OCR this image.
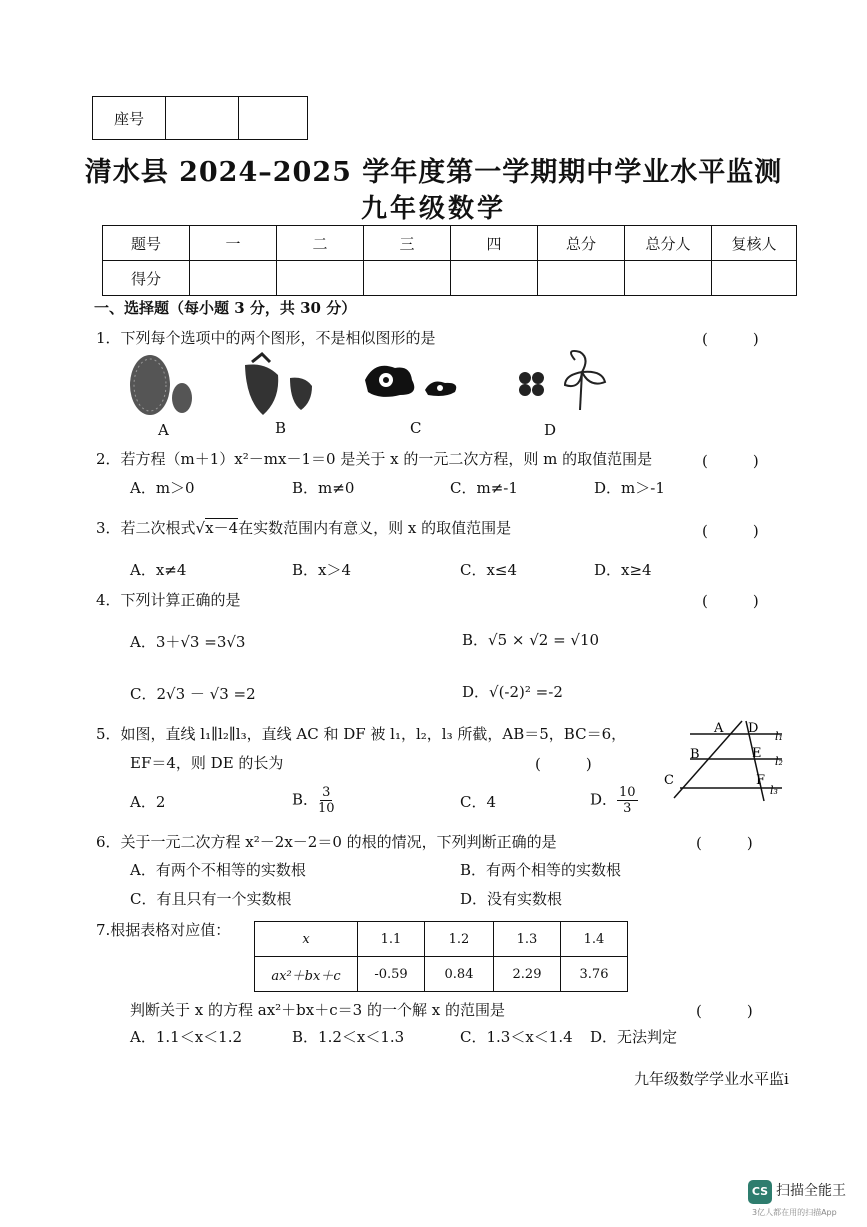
座号		
清水县 2024–2025 学年度第一学期期中学业水平监测
九年级数学
题号	一	二	三	四	总分	总分人	复核人
得分							
一、选择题（每小题 3 分，共 30 分）
1．下列每个选项中的两个图形，不是相似图形的是	(　　　)
A	B	C	D
2．若方程（m＋1）x²－mx－1＝0 是关于 x 的一元二次方程，则 m 的取值范围是	(　　　)
A．m＞0	B．m≠0	C．m≠-1	D．m＞-1
3．若二次根式√x－4在实数范围内有意义，则 x 的取值范围是	(　　　)
A．x≠4	B．x＞4	C．x≤4	D．x≥4
4．下列计算正确的是	(　　　)
A．3＋√3 =3√3	B．√5 × √2 = √10
C．2√3 － √3 =2	D．√(-2)² =-2
5．如图，直线 l₁∥l₂∥l₃，直线 AC 和 DF 被 l₁，l₂，l₃ 所截，AB＝5，BC＝6，
EF＝4，则 DE 的长为	(　　　)
A．2	B． $\frac{3}{10}$	C．4	D． $\frac{10}{3}$
A
B
C
D
E
F
l₁
l₂
l₃
6．关于一元二次方程 x²－2x－2＝0 的根的情况，下列判断正确的是	(　　　)
A．有两个不相等的实数根	B．有两个相等的实数根
C．有且只有一个实数根	D．没有实数根
7.根据表格对应值：	x	1.1	1.2	1.3	1.4
ax²＋bx＋c	-0.59	0.84	2.29	3.76
判断关于 x 的方程 ax²＋bx＋c＝3 的一个解 x 的范围是	(　　　)
A．1.1＜x＜1.2	B．1.2＜x＜1.3	C．1.3＜x＜1.4 D．无法判定
九年级数学学业水平监i
CS 扫描全能王
3亿人都在用的扫描App
